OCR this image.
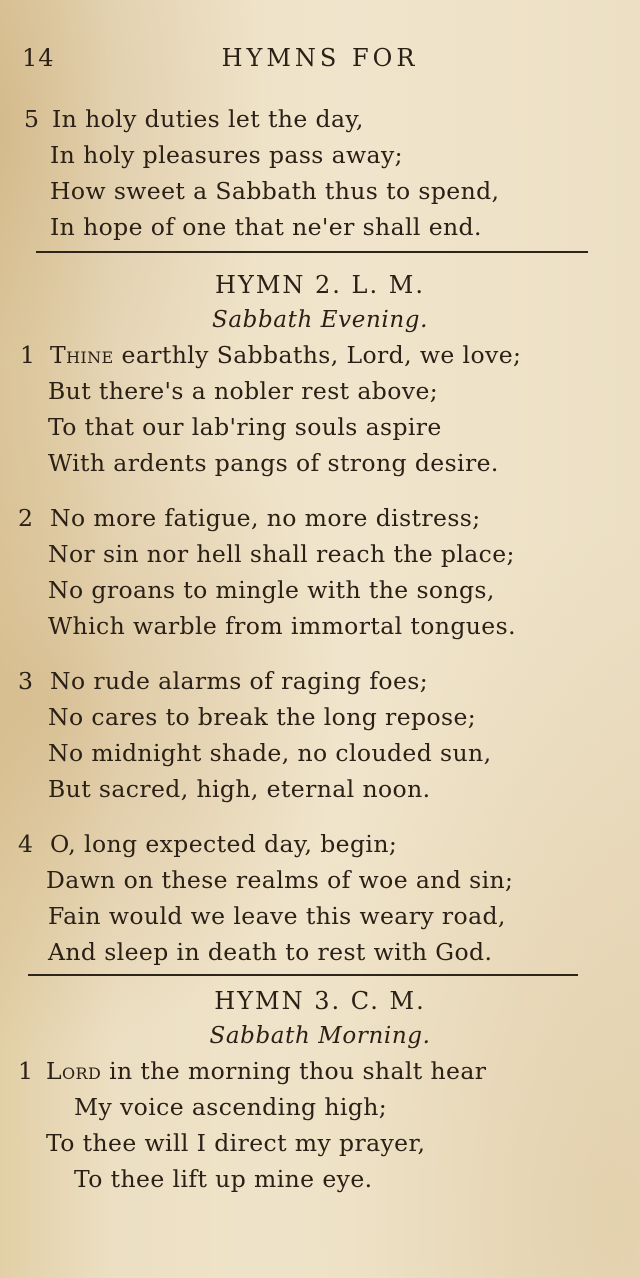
14	HYMNS FOR
5 In holy duties let the day,
In holy pleasures pass away;
How sweet a Sabbath thus to spend,
In hope of one that ne'er shall end.
HYMN 2. L. M.
Sabbath Evening.
1 Thine earthly Sabbaths, Lord, we love;
But there's a nobler rest above;
To that our lab'ring souls aspire
With ardents pangs of strong desire.
2 No more fatigue, no more distress;
Nor sin nor hell shall reach the place;
No groans to mingle with the songs,
Which warble from immortal tongues.
3 No rude alarms of raging foes;
No cares to break the long repose;
No midnight shade, no clouded sun,
But sacred, high, eternal noon.
4 O, long expected day, begin;
Dawn on these realms of woe and sin;
Fain would we leave this weary road,
And sleep in death to rest with God.
HYMN 3. C. M.
Sabbath Morning.
1 Lord in the morning thou shalt hear
My voice ascending high;
To thee will I direct my prayer,
To thee lift up mine eye.
